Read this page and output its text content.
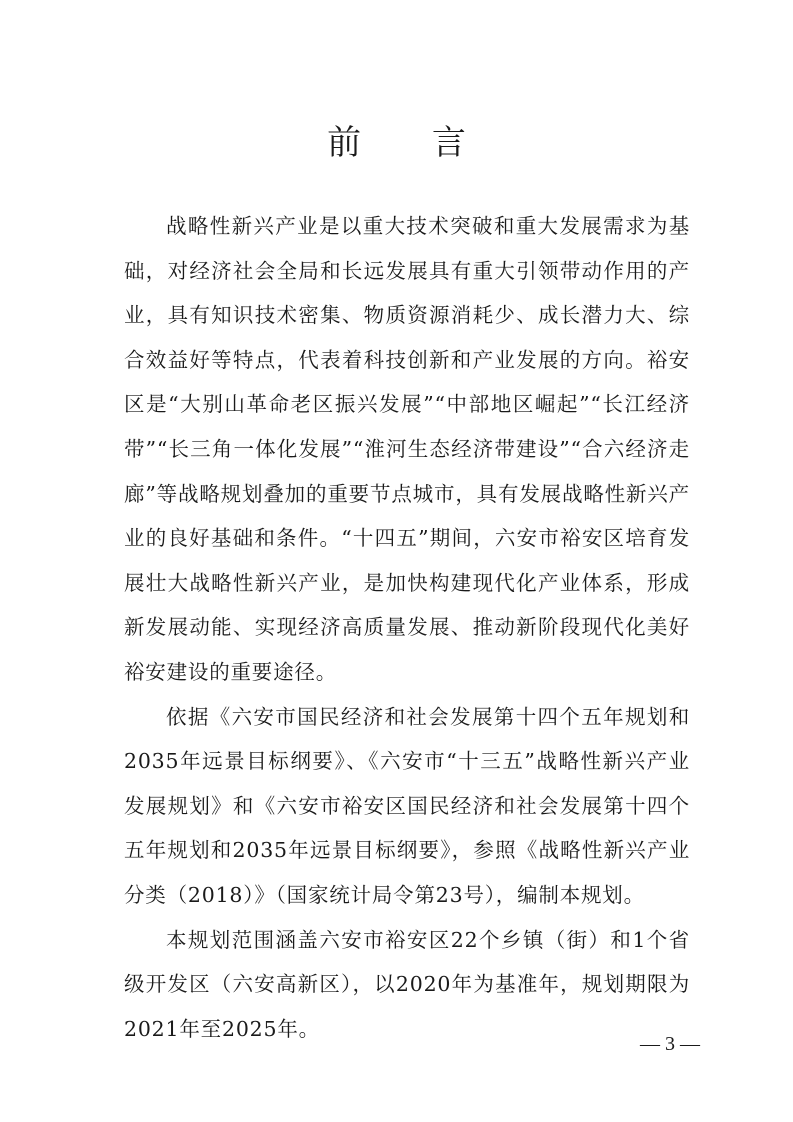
前 言

战略性新兴产业是以重大技术突破和重大发展需求为基础，对经济社会全局和长远发展具有重大引领带动作用的产业，具有知识技术密集、物质资源消耗少、成长潜力大、综合效益好等特点，代表着科技创新和产业发展的方向。裕安区是“大别山革命老区振兴发展”“中部地区崛起”“长江经济带”“长三角一体化发展”“淮河生态经济带建设”“合六经济走廊”等战略规划叠加的重要节点城市，具有发展战略性新兴产业的良好基础和条件。“十四五”期间，六安市裕安区培育发展壮大战略性新兴产业，是加快构建现代化产业体系，形成新发展动能、实现经济高质量发展、推动新阶段现代化美好裕安建设的重要途径。

依据《六安市国民经济和社会发展第十四个五年规划和2035年远景目标纲要》、《六安市“十三五”战略性新兴产业发展规划》和《六安市裕安区国民经济和社会发展第十四个五年规划和2035年远景目标纲要》，参照《战略性新兴产业分类（2018）》（国家统计局令第23号），编制本规划。

本规划范围涵盖六安市裕安区22个乡镇（街）和1个省级开发区（六安高新区），以2020年为基准年，规划期限为2021年至2025年。

— 3 —
